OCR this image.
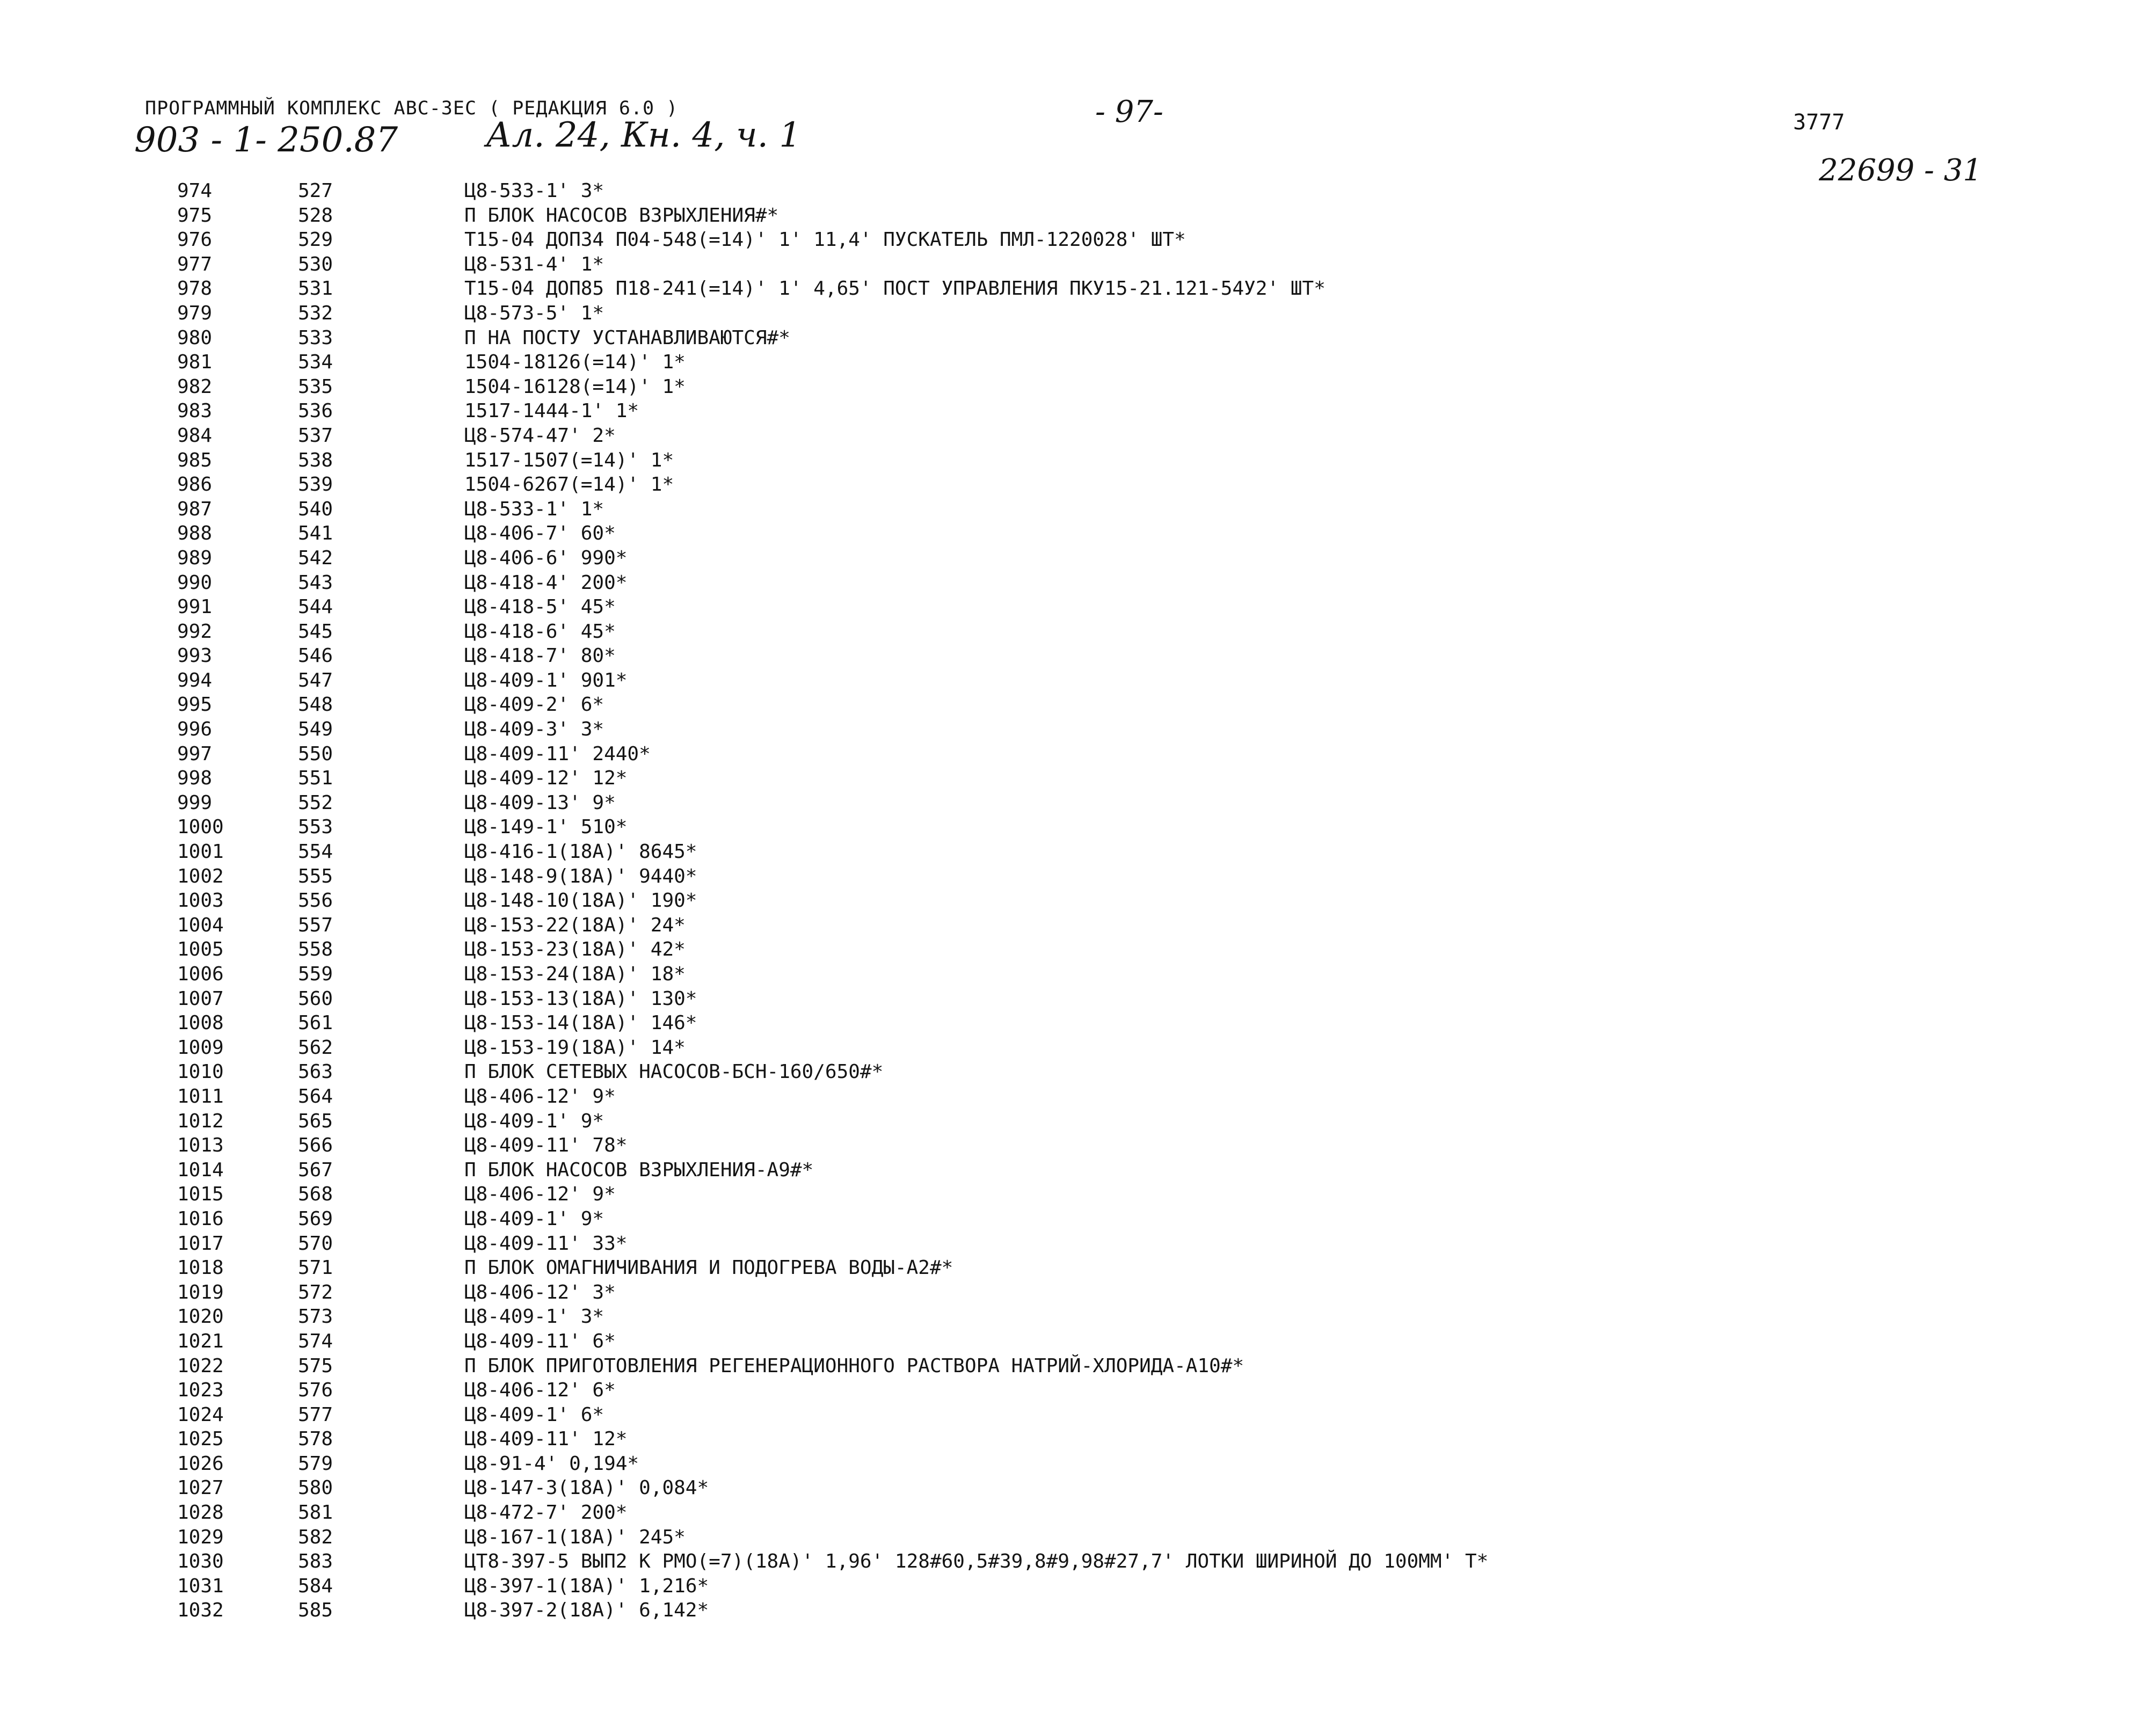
ПРОГРАММНЫЙ КОМПЛЕКС АВС-3ЕС ( РЕДАКЦИЯ 6.0 )
903 - 1- 250.87	Ал. 24, Кн. 4, ч. 1
- 97-	3777
22699 - 31
974	527	Ц8-533-1' 3*
975	528	П БЛОК НАСОСОВ ВЗРЫХЛЕНИЯ#*
976	529	Т15-04 ДОП34 П04-548(=14)' 1' 11,4' ПУСКАТЕЛЬ ПМЛ-1220028' ШТ*
977	530	Ц8-531-4' 1*
978	531	Т15-04 ДОП85 П18-241(=14)' 1' 4,65' ПОСТ УПРАВЛЕНИЯ ПКУ15-21.121-54У2' ШТ*
979	532	Ц8-573-5' 1*
980	533	П НА ПОСТУ УСТАНАВЛИВАЮТСЯ#*
981	534	1504-18126(=14)' 1*
982	535	1504-16128(=14)' 1*
983	536	1517-1444-1' 1*
984	537	Ц8-574-47' 2*
985	538	1517-1507(=14)' 1*
986	539	1504-6267(=14)' 1*
987	540	Ц8-533-1' 1*
988	541	Ц8-406-7' 60*
989	542	Ц8-406-6' 990*
990	543	Ц8-418-4' 200*
991	544	Ц8-418-5' 45*
992	545	Ц8-418-6' 45*
993	546	Ц8-418-7' 80*
994	547	Ц8-409-1' 901*
995	548	Ц8-409-2' 6*
996	549	Ц8-409-3' 3*
997	550	Ц8-409-11' 2440*
998	551	Ц8-409-12' 12*
999	552	Ц8-409-13' 9*
1000	553	Ц8-149-1' 510*
1001	554	Ц8-416-1(18А)' 8645*
1002	555	Ц8-148-9(18А)' 9440*
1003	556	Ц8-148-10(18А)' 190*
1004	557	Ц8-153-22(18А)' 24*
1005	558	Ц8-153-23(18А)' 42*
1006	559	Ц8-153-24(18А)' 18*
1007	560	Ц8-153-13(18А)' 130*
1008	561	Ц8-153-14(18А)' 146*
1009	562	Ц8-153-19(18А)' 14*
1010	563	П БЛОК СЕТЕВЫХ НАСОСОВ-БСН-160/650#*
1011	564	Ц8-406-12' 9*
1012	565	Ц8-409-1' 9*
1013	566	Ц8-409-11' 78*
1014	567	П БЛОК НАСОСОВ ВЗРЫХЛЕНИЯ-А9#*
1015	568	Ц8-406-12' 9*
1016	569	Ц8-409-1' 9*
1017	570	Ц8-409-11' 33*
1018	571	П БЛОК ОМАГНИЧИВАНИЯ И ПОДОГРЕВА ВОДЫ-А2#*
1019	572	Ц8-406-12' 3*
1020	573	Ц8-409-1' 3*
1021	574	Ц8-409-11' 6*
1022	575	П БЛОК ПРИГОТОВЛЕНИЯ РЕГЕНЕРАЦИОННОГО РАСТВОРА НАТРИЙ-ХЛОРИДА-А10#*
1023	576	Ц8-406-12' 6*
1024	577	Ц8-409-1' 6*
1025	578	Ц8-409-11' 12*
1026	579	Ц8-91-4' 0,194*
1027	580	Ц8-147-3(18А)' 0,084*
1028	581	Ц8-472-7' 200*
1029	582	Ц8-167-1(18А)' 245*
1030	583	ЦТ8-397-5 ВЫП2 К РМО(=7)(18А)' 1,96' 128#60,5#39,8#9,98#27,7' ЛОТКИ ШИРИНОЙ ДО 100ММ' Т*
1031	584	Ц8-397-1(18А)' 1,216*
1032	585	Ц8-397-2(18А)' 6,142*
